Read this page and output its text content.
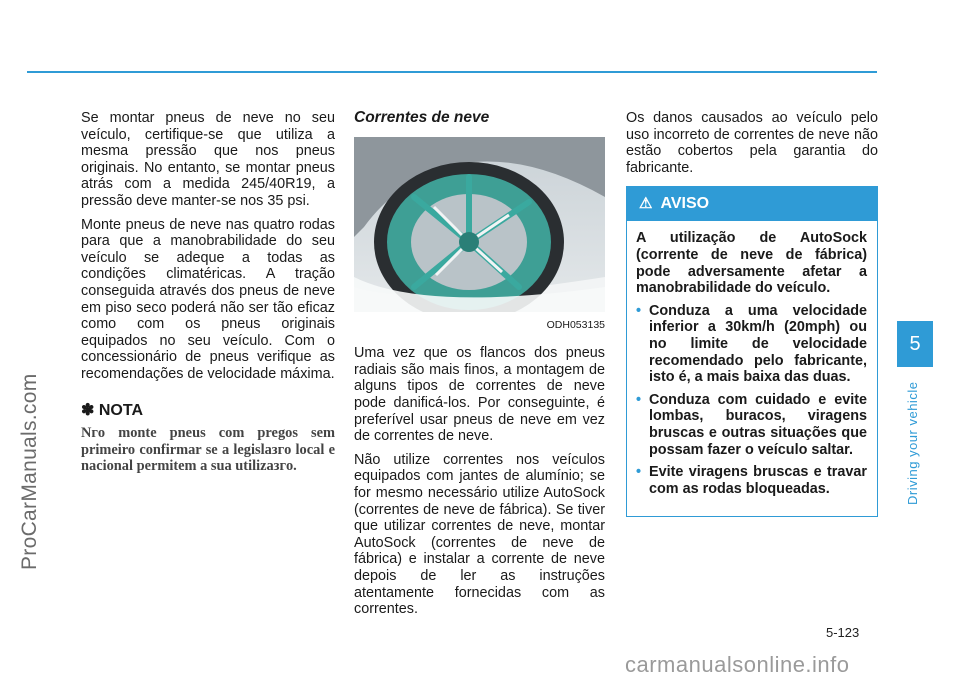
ProCarManuals.com
5
Driving your vehicle

Se montar pneus de neve no seu veículo, certifique-se que utiliza a mesma pressão que nos pneus originais. No entanto, se montar pneus atrás com a medida 245/40R19, a pressão deve manter-se nos 35 psi.

Monte pneus de neve nas quatro rodas para que a manobrabilidade do seu veículo se adeque a todas as condições climatéricas. A tração conseguida através dos pneus de neve em piso seco poderá não ser tão eficaz como com os pneus originais equipados no seu veículo. Com o concessionário de pneus verifique as recomendações de velocidade máxima.

✽ NOTA
Nгo monte pneus com pregos sem primeiro confirmar se a legislaзгo local e nacional permitem a sua utilizaзгo.
Correntes de neve
ODH053135

Uma vez que os flancos dos pneus radiais são mais finos, a montagem de alguns tipos de correntes de neve pode danificá-los. Por conseguinte, é preferível usar pneus de neve em vez de correntes de neve.

Não utilize correntes nos veículos equipados com jantes de alumínio; se for mesmo necessário utilize AutoSock (correntes de neve de fábrica). Se tiver que utilizar correntes de neve, montar AutoSock (correntes de neve de fábrica) e instalar a corrente de neve depois de ler as instruções atentamente fornecidas com as correntes.

Os danos causados ao veículo pelo uso incorreto de correntes de neve não estão cobertos pela garantia do fabricante.

⚠ AVISO

A utilização de AutoSock (corrente de neve de fábrica) pode adversamente afetar a manobrabilidade do veículo.

• Conduza a uma velocidade inferior a 30km/h (20mph) ou no limite de velocidade recomendado pelo fabricante, isto é, a mais baixa das duas.
• Conduza com cuidado e evite lombas, buracos, viragens bruscas e outras situações que possam fazer o veículo saltar.
• Evite viragens bruscas e travar com as rodas bloqueadas.
5-123
carmanualsonline.info
